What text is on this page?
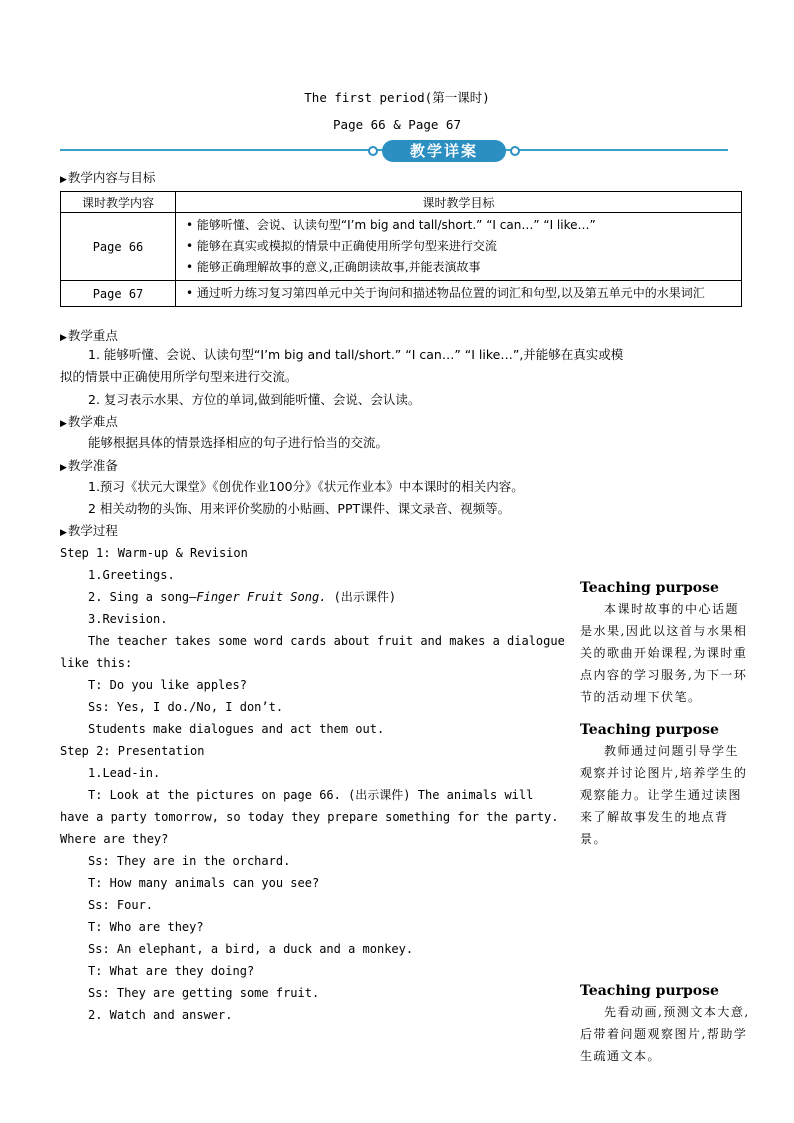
The first period(第一课时)
Page 66 & Page 67
教学详案
▶教学内容与目标
课时教学内容	课时教学目标
Page 66	• 能够听懂、会说、认读句型“I’m big and tall/short.” “I can…” “I like…”
• 能够在真实或模拟的情景中正确使用所学句型来进行交流
• 能够正确理解故事的意义,正确朗读故事,并能表演故事

Page 67	• 通过听力练习复习第四单元中关于询问和描述物品位置的词汇和句型,以及第五单元中的水果词汇
▶教学重点
1. 能够听懂、会说、认读句型“I’m big and tall/short.” “I can…” “I like…”,并能够在真实或模
拟的情景中正确使用所学句型来进行交流。
2. 复习表示水果、方位的单词,做到能听懂、会说、会认读。
▶教学难点
能够根据具体的情景选择相应的句子进行恰当的交流。
▶教学准备
1.预习《状元大课堂》《创优作业100分》《状元作业本》中本课时的相关内容。
2 相关动物的头饰、用来评价奖励的小贴画、PPT课件、课文录音、视频等。
▶教学过程
Step 1: Warm-up & Revision
1.Greetings.
2. Sing a song—Finger Fruit Song. (出示课件)
3.Revision.
The teacher takes some word cards about fruit and makes a dialogue
like this:
T: Do you like apples?
Ss: Yes, I do./No, I don’t.
Students make dialogues and act them out.
Step 2: Presentation
1.Lead-in.
T: Look at the pictures on page 66. (出示课件) The animals will
have a party tomorrow, so today they prepare something for the party.
Where are they?
Ss: They are in the orchard.
T: How many animals can you see?
Ss: Four.
T: Who are they?
Ss: An elephant, a bird, a duck and a monkey.
T: What are they doing?
Ss: They are getting some fruit.
2. Watch and answer.
Teaching purpose
本课时故事的中心话题是水果,因此以这首与水果相关的歌曲开始课程,为课时重点内容的学习服务,为下一环节的活动埋下伏笔。
Teaching purpose
教师通过问题引导学生观察并讨论图片,培养学生的观察能力。让学生通过读图来了解故事发生的地点背景。
Teaching purpose
先看动画,预测文本大意,后带着问题观察图片,帮助学生疏通文本。
